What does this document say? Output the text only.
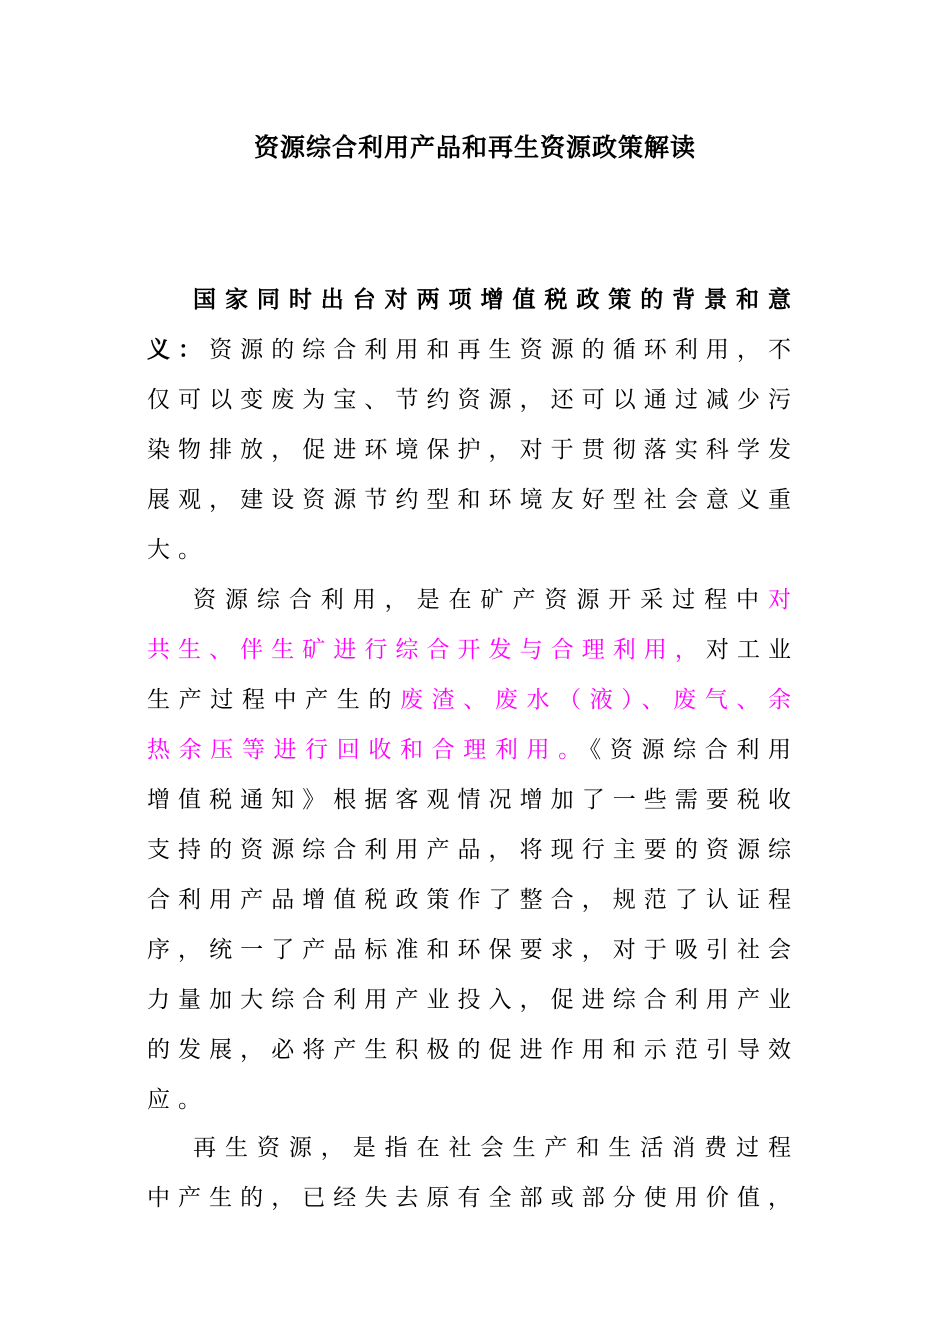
资源综合利用产品和再生资源政策解读
国家同时出台对两项增值税政策的背景和意
义：资源的综合利用和再生资源的循环利用，不
仅可以变废为宝、节约资源，还可以通过减少污
染物排放，促进环境保护，对于贯彻落实科学发
展观，建设资源节约型和环境友好型社会意义重
大。
资源综合利用，是在矿产资源开采过程中对
共生、伴生矿进行综合开发与合理利用，对工业
生产过程中产生的废渣、废水（液）、废气、余
热余压等进行回收和合理利用。《资源综合利用
增值税通知》根据客观情况增加了一些需要税收
支持的资源综合利用产品，将现行主要的资源综
合利用产品增值税政策作了整合，规范了认证程
序，统一了产品标准和环保要求，对于吸引社会
力量加大综合利用产业投入，促进综合利用产业
的发展，必将产生积极的促进作用和示范引导效
应。
再生资源，是指在社会生产和生活消费过程
中产生的，已经失去原有全部或部分使用价值，
